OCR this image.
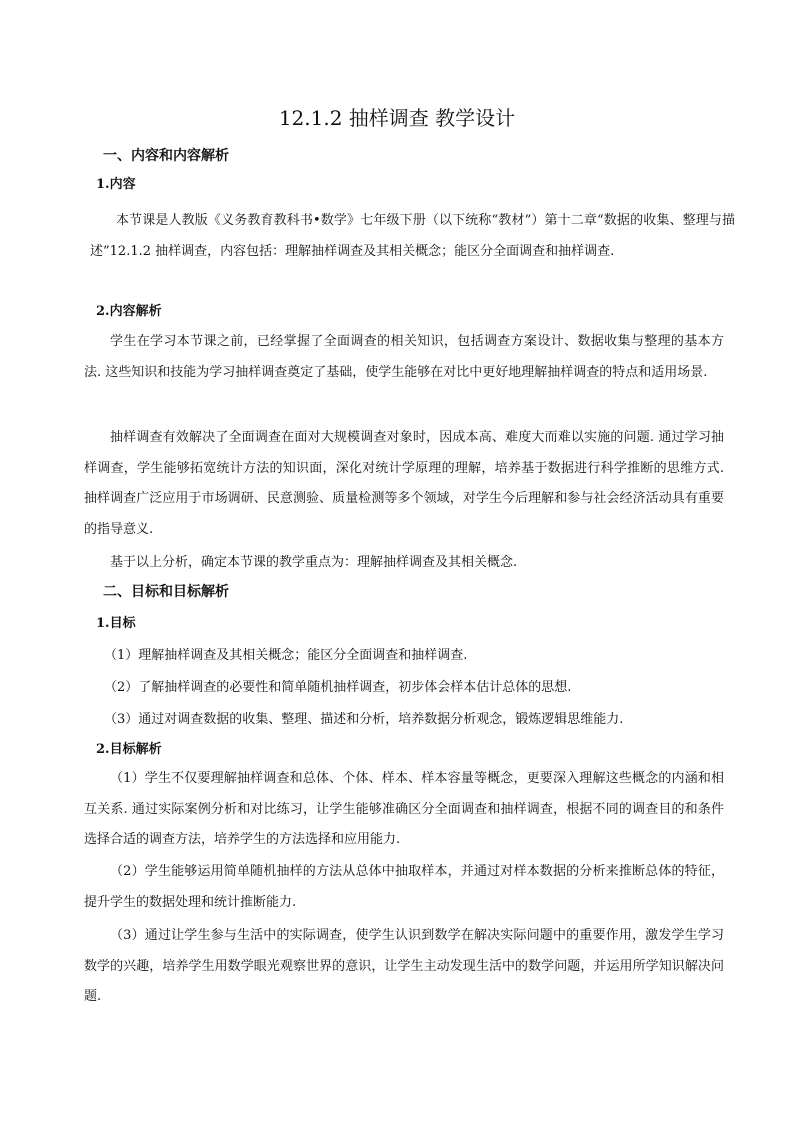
12.1.2 抽样调查 教学设计
一、内容和内容解析
1.内容
本节课是人教版《义务教育教科书•数学》七年级下册（以下统称“教材”）第十二章“数据的收集、整理与描述”12.1.2 抽样调查，内容包括：理解抽样调查及其相关概念；能区分全面调查和抽样调查.
2.内容解析
学生在学习本节课之前，已经掌握了全面调查的相关知识，包括调查方案设计、数据收集与整理的基本方法. 这些知识和技能为学习抽样调查奠定了基础，使学生能够在对比中更好地理解抽样调查的特点和适用场景.
抽样调查有效解决了全面调查在面对大规模调查对象时，因成本高、难度大而难以实施的问题. 通过学习抽样调查，学生能够拓宽统计方法的知识面，深化对统计学原理的理解，培养基于数据进行科学推断的思维方式. 抽样调查广泛应用于市场调研、民意测验、质量检测等多个领域，对学生今后理解和参与社会经济活动具有重要的指导意义.
基于以上分析，确定本节课的教学重点为：理解抽样调查及其相关概念.
二、目标和目标解析
1.目标
（1）理解抽样调查及其相关概念；能区分全面调查和抽样调查.
（2）了解抽样调查的必要性和简单随机抽样调查，初步体会样本估计总体的思想.
（3）通过对调查数据的收集、整理、描述和分析，培养数据分析观念，锻炼逻辑思维能力.
2.目标解析
（1）学生不仅要理解抽样调查和总体、个体、样本、样本容量等概念，更要深入理解这些概念的内涵和相互关系. 通过实际案例分析和对比练习，让学生能够准确区分全面调查和抽样调查，根据不同的调查目的和条件选择合适的调查方法，培养学生的方法选择和应用能力.
（2）学生能够运用简单随机抽样的方法从总体中抽取样本，并通过对样本数据的分析来推断总体的特征，提升学生的数据处理和统计推断能力.
（3）通过让学生参与生活中的实际调查，使学生认识到数学在解决实际问题中的重要作用，激发学生学习数学的兴趣，培养学生用数学眼光观察世界的意识，让学生主动发现生活中的数学问题，并运用所学知识解决问题.
